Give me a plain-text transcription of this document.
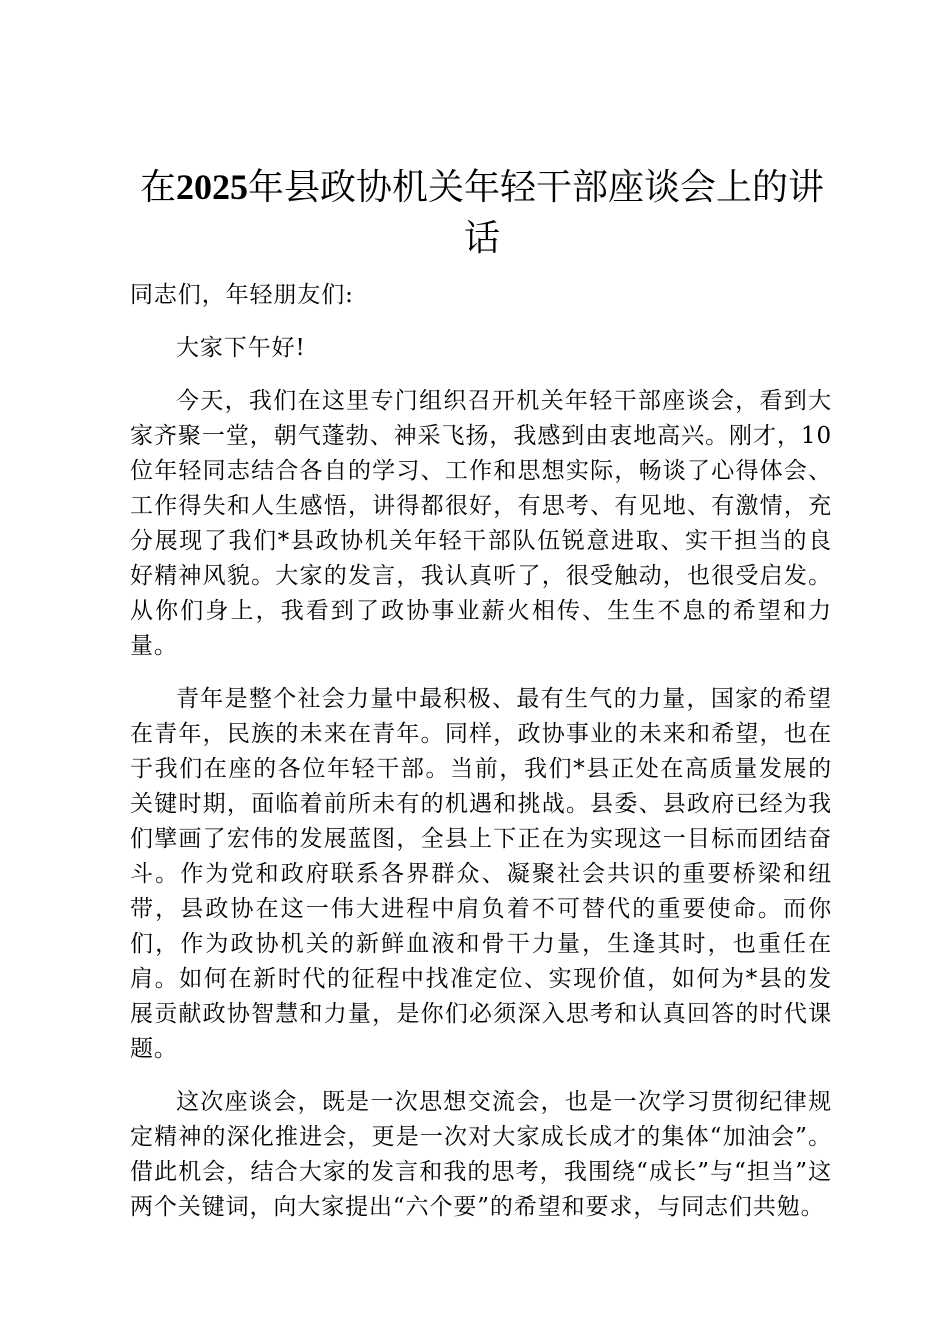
在2025年县政协机关年轻干部座谈会上的讲话

同志们，年轻朋友们:

大家下午好!

今天，我们在这里专门组织召开机关年轻干部座谈会，看到大家齐聚一堂，朝气蓬勃、神采飞扬，我感到由衷地高兴。刚才，10位年轻同志结合各自的学习、工作和思想实际，畅谈了心得体会、工作得失和人生感悟，讲得都很好，有思考、有见地、有激情，充分展现了我们*县政协机关年轻干部队伍锐意进取、实干担当的良好精神风貌。大家的发言，我认真听了，很受触动，也很受启发。从你们身上，我看到了政协事业薪火相传、生生不息的希望和力量。

青年是整个社会力量中最积极、最有生气的力量，国家的希望在青年，民族的未来在青年。同样，政协事业的未来和希望，也在于我们在座的各位年轻干部。当前，我们*县正处在高质量发展的关键时期，面临着前所未有的机遇和挑战。县委、县政府已经为我们擘画了宏伟的发展蓝图，全县上下正在为实现这一目标而团结奋斗。作为党和政府联系各界群众、凝聚社会共识的重要桥梁和纽带，县政协在这一伟大进程中肩负着不可替代的重要使命。而你们，作为政协机关的新鲜血液和骨干力量，生逢其时，也重任在肩。如何在新时代的征程中找准定位、实现价值，如何为*县的发展贡献政协智慧和力量，是你们必须深入思考和认真回答的时代课题。

这次座谈会，既是一次思想交流会，也是一次学习贯彻纪律规定精神的深化推进会，更是一次对大家成长成才的集体“加油会”。借此机会，结合大家的发言和我的思考，我围绕“成长”与“担当”这两个关键词，向大家提出“六个要”的希望和要求，与同志们共勉。
